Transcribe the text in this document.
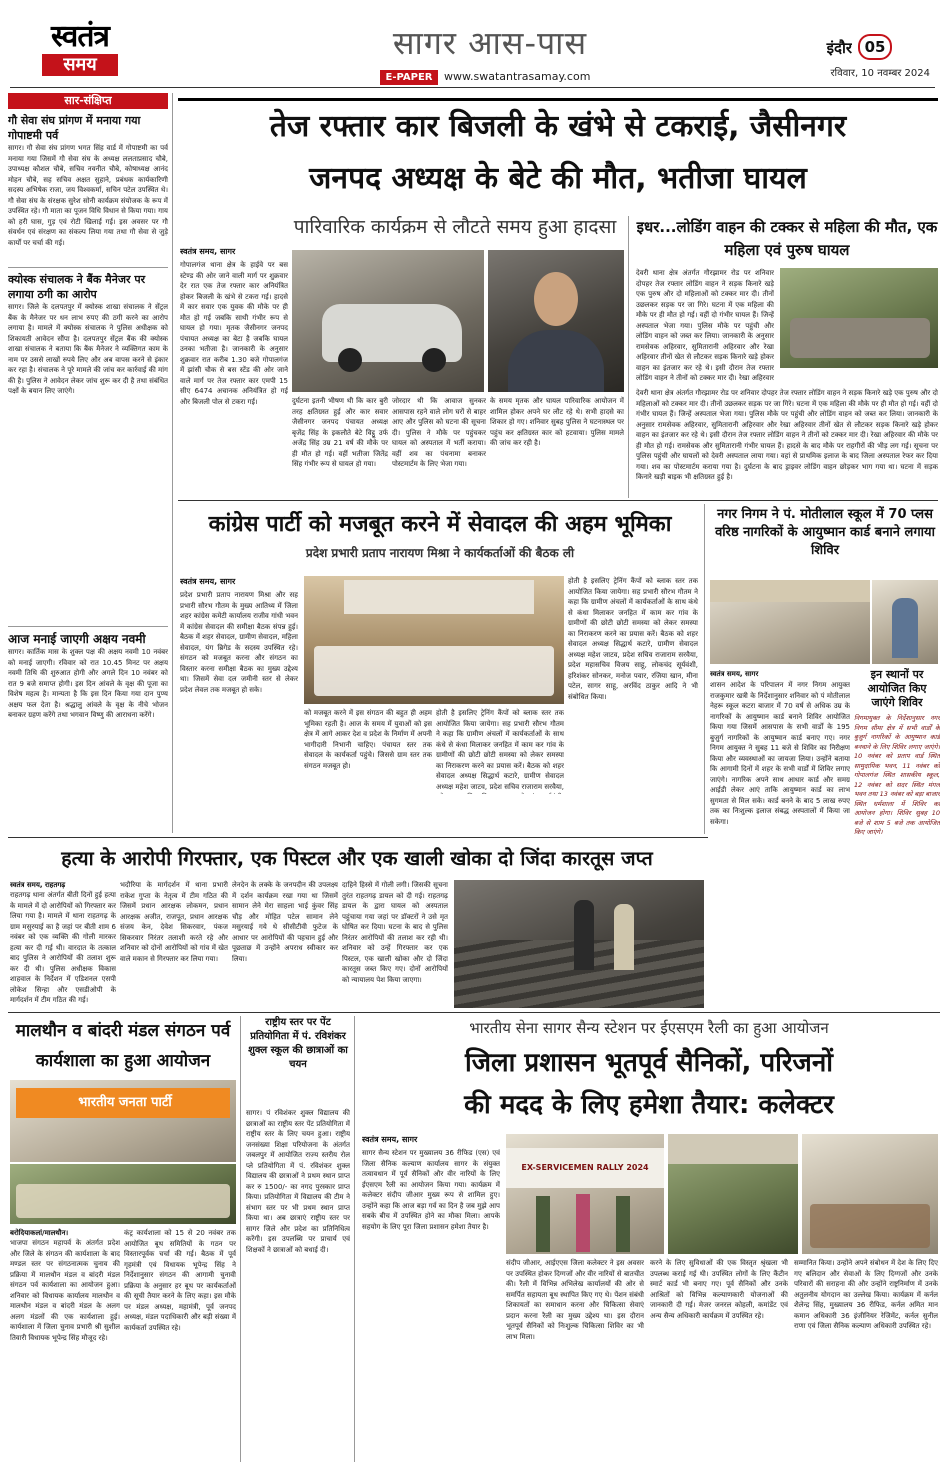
स्वतंत्र
समय
सागर आस-पास
E-PAPER	www.swatantrasamay.com
इंदौर 05
रविवार, 10 नवम्बर 2024
सार-संक्षिप्त
गौ सेवा संघ प्रांगण में मनाया गया गोपाष्टमी पर्व
सागर। गौ सेवा संघ प्रांगण भगत सिंह वार्ड में गोपाष्टमी का पर्व मनाया गया जिसमें गौ सेवा संघ के अध्यक्ष ललताप्रसाद चौबे, उपाध्यक्ष कौशल चौबे, सचिव नवनीत चौबे, कोषाध्यक्ष आनंद मोहन चौबे, सह सचिव अक्षत सुहाने, प्रबंधक कार्यकारिणी सदस्य अभिषेक राजा, जय विश्वकर्मा, सचिन पटेल उपस्थित थे। गौ सेवा संघ के संरक्षक सुरेश सोनी कार्यक्रम संयोजक के रूप में उपस्थित रहे। गौ माता का पूजन विधि विधान से किया गया। गाय को हरी घास, गुड़ एवं रोटी खिलाई गई। इस अवसर पर गौ संवर्धन एवं संरक्षण का संकल्प लिया गया तथा गौ सेवा से जुड़े कार्यों पर चर्चा की गई।
क्योस्क संचालक ने बैंक मैनेजर पर लगाया ठगी का आरोप
सागर। जिले के दलपतपुर में क्योस्क शाखा संचालक ने सेंट्रल बैंक के मैनेजर पर धन लाभ रुपए की ठगी करने का आरोप लगाया है। मामले में क्योस्क संचालक ने पुलिस अधीक्षक को शिकायती आवेदन सौंपा है। दलपतपुर सेंट्रल बैंक की क्योस्क शाखा संचालक ने बताया कि बैंक मैनेजर ने व्यक्तिगत काम के नाम पर उससे लाखों रुपये लिए और अब वापस करने से इंकार कर रहा है। संचालक ने पूरे मामले की जांच कर कार्रवाई की मांग की है। पुलिस ने आवेदन लेकर जांच शुरू कर दी है तथा संबंधित पक्षों के बयान लिए जाएंगे।
आज मनाई जाएगी अक्षय नवमी
सागर। कार्तिक मास के शुक्ल पक्ष की अक्षय नवमी 10 नवंबर को मनाई जाएगी। रविवार को रात 10.45 मिनट पर अक्षय नवमी तिथि की शुरुआत होगी और अगले दिन 10 नवंबर को रात 9 बजे समाप्त होगी। इस दिन आंवले के वृक्ष की पूजा का विशेष महत्व है। मान्यता है कि इस दिन किया गया दान पुण्य अक्षय फल देता है। श्रद्धालु आंवले के वृक्ष के नीचे भोजन बनाकर ग्रहण करेंगे तथा भगवान विष्णु की आराधना करेंगे।
तेज रफ्तार कार बिजली के खंभे से टकराई, जैसीनगर
जनपद अध्यक्ष के बेटे की मौत, भतीजा घायल
पारिवारिक कार्यक्रम से लौटते समय हुआ हादसा
स्वतंत्र समय, सागर
गोपालगंज थाना क्षेत्र के हाईवे पर बस स्टेण्ड की ओर जाने वाली मार्ग पर शुक्रवार देर रात एक तेज रफ्तार कार अनियंत्रित होकर बिजली के खंभे से टकरा गई। हादसे में कार सवार एक युवक की मौके पर ही मौत हो गई जबकि साथी गंभीर रूप से घायल हो गया। मृतक जैसीनगर जनपद पंचायत अध्यक्ष का बेटा है जबकि घायल उनका भतीजा है। जानकारी के अनुसार शुक्रवार रात करीब 1.30 बजे गोपालगंज में झांसी चौक से बस स्टेंड की ओर जाने वाले मार्ग पर तेज रफ्तार कार एमपी 15 सीए 6474 अचानक अनियंत्रित हो गई और बिजली पोल से टकरा गई।	दुर्घटना इतनी भीषण थी कि कार बुरी तरह क्षतिग्रस्त हुई और कार सवार जैसीनगर जनपद पंचायत अध्यक्ष बृजेंद्र सिंह के इकलौते बेटे विट्ठू उर्फ अजेंद्र सिंह उम्र 21 वर्ष की मौके पर ही मौत हो गई। वहीं भतीजा जितेंद्र सिंह गंभीर रूप से घायल हो गया।
जोरदार थी कि आवाज सुनकर आसपास रहने वाले लोग घरों से बाहर आए और पुलिस को घटना की सूचना दी। पुलिस ने मौके पर पहुंचकर घायल को अस्पताल में भर्ती कराया। वहीं शव का पंचनामा बनाकर पोस्टमार्टम के लिए भेजा गया।
के समय मृतक और घायल पारिवारिक आयोजन में शामिल होकर अपने घर लौट रहे थे। सभी हादसे का शिकार हो गए। शनिवार सुबह पुलिस ने घटनास्थल पर पहुंच कर क्षतिग्रस्त कार को हटवाया। पुलिस मामले की जांच कर रही है।
इधर...लोडिंग वाहन की टक्कर से महिला की मौत, एक महिला एवं पुरुष घायल
देवरी थाना क्षेत्र अंतर्गत गौरझामर रोड पर शनिवार दोपहर तेज रफ्तार लोडिंग वाहन ने सड़क किनारे खड़े एक पुरुष और दो महिलाओं को टक्कर मार दी। तीनों उछलकर सड़क पर जा गिरे। घटना में एक महिला की मौके पर ही मौत हो गई। वहीं दो गंभीर घायल हैं। जिन्हें अस्पताल भेजा गया। पुलिस मौके पर पहुंची और लोडिंग वाहन को जब्त कर लिया। जानकारी के अनुसार रामसेवक अहिरवार, सुमितारानी अहिरवार और रेखा अहिरवार तीनों खेत से लौटकर सड़क किनारे खड़े होकर वाहन का इंतजार कर रहे थे। इसी दौरान तेज रफ्तार लोडिंग वाहन ने तीनों को टक्कर मार दी। रेखा अहिरवार
देवरी थाना क्षेत्र अंतर्गत गौरझामर रोड पर शनिवार दोपहर तेज रफ्तार लोडिंग वाहन ने सड़क किनारे खड़े एक पुरुष और दो महिलाओं को टक्कर मार दी। तीनों उछलकर सड़क पर जा गिरे। घटना में एक महिला की मौके पर ही मौत हो गई। वहीं दो गंभीर घायल हैं। जिन्हें अस्पताल भेजा गया। पुलिस मौके पर पहुंची और लोडिंग वाहन को जब्त कर लिया। जानकारी के अनुसार रामसेवक अहिरवार, सुमितारानी अहिरवार और रेखा अहिरवार तीनों खेत से लौटकर सड़क किनारे खड़े होकर वाहन का इंतजार कर रहे थे। इसी दौरान तेज रफ्तार लोडिंग वाहन ने तीनों को टक्कर मार दी। रेखा अहिरवार की मौके पर ही मौत हो गई। रामसेवक और सुमितारानी गंभीर घायल हैं। हादसे के बाद मौके पर राहगीरों की भीड़ लग गई। सूचना पर पुलिस पहुंची और घायलों को देवरी अस्पताल लाया गया। वहां से प्राथमिक इलाज के बाद जिला अस्पताल रेफर कर दिया गया। शव का पोस्टमार्टम कराया गया है। दुर्घटना के बाद ड्राइवर लोडिंग वाहन छोड़कर भाग गया था। घटना में सड़क किनारे खड़ी बाइक भी क्षतिग्रस्त हुई है।
कांग्रेस पार्टी को मजबूत करने में सेवादल की अहम भूमिका
प्रदेश प्रभारी प्रताप नारायण मिश्रा ने कार्यकर्ताओं की बैठक ली
स्वतंत्र समय, सागर
प्रदेश प्रभारी प्रताप नारायण मिश्रा और सह प्रभारी सौरभ गौतम के मुख्य आतिथ्य में जिला शहर कांग्रेस कमेटी कार्यालय राजीव गांधी भवन में कांग्रेस सेवादल की समीक्षा बैठक संपन्न हुई। बैठक में शहर सेवादल, ग्रामीण सेवादल, महिला सेवादल, यंग ब्रिगेड के सदस्य उपस्थित रहे। संगठन को मजबूत करना और संगठन का विस्तार करना समीक्षा बैठक का मुख्य उद्देश्य था। जिसमें सेवा दल जमीनी स्तर से लेकर प्रदेश लेवल तक मजबूत हो सके।
को मजबूत करने में इस संगठन की बहुत ही अहम भूमिका रहती है। आज के समय में युवाओं को इस क्षेत्र में आगे आकर देश व प्रदेश के निर्माण में अपनी भागीदारी निभानी चाहिए। पंचायत स्तर तक सेवादल के कार्यकर्ता पहुंचे। जिससे ग्राम स्तर तक संगठन मजबूत हो।
होती है इसलिए ट्रेनिंग कैंपों को ब्लाक स्तर तक आयोजित किया जायेगा। सह प्रभारी सौरभ गौतम ने कहा कि ग्रामीण अंचलों में कार्यकर्ताओं के साथ कंधे से कंधा मिलाकर जनहित में काम कर गांव के ग्रामीणों की छोटी छोटी समस्या को लेकर समस्या का निराकरण करने का प्रयास करें। बैठक को शहर सेवादल अध्यक्ष सिद्धार्थ कटारे, ग्रामीण सेवादल अध्यक्ष महेश जाटव, प्रदेश सचिव राजाराम सरवैया,
होती है इसलिए ट्रेनिंग कैंपों को ब्लाक स्तर तक आयोजित किया जायेगा। सह प्रभारी सौरभ गौतम ने कहा कि ग्रामीण अंचलों में कार्यकर्ताओं के साथ कंधे से कंधा मिलाकर जनहित में काम कर गांव के ग्रामीणों की छोटी छोटी समस्या को लेकर समस्या का निराकरण करने का प्रयास करें। बैठक को शहर सेवादल अध्यक्ष सिद्धार्थ कटारे, ग्रामीण सेवादल अध्यक्ष महेश जाटव, प्रदेश सचिव राजाराम सरवैया, प्रदेश महासचिव विजय साहू, लोकचंद सूर्यवंशी, हरिशंकर सोनकर, मनोज पवार, रजिया खान, मीना पटेल, सागर साहू, अरविंद ठाकुर आदि ने भी संबोधित किया।
नगर निगम ने पं. मोतीलाल स्कूल में 70 प्लस वरिष्ठ नागरिकों के आयुष्मान कार्ड बनाने लगाया शिविर
स्वतंत्र समय, सागर
शासन आदेश के परिपालन में नगर निगम आयुक्त राजकुमार खत्री के निर्देशानुसार शनिवार को पं मोतीलाल नेहरू स्कूल कटरा बाजार में 70 वर्ष से अधिक उम्र के नागरिकों के आयुष्मान कार्ड बनाने शिविर आयोजित किया गया जिसमें आसपास के सभी वार्डों के 195 बुजुर्ग नागरिकों के आयुष्मान कार्ड बनाए गए। नगर निगम आयुक्त ने सुबह 11 बजे से शिविर का निरीक्षण किया और व्यवस्थाओं का जायजा लिया। उन्होंने बताया कि आगामी दिनों में शहर के सभी वार्डों में शिविर लगाए जाएंगे। नागरिक अपने साथ आधार कार्ड और समग्र आईडी लेकर आएं ताकि आयुष्मान कार्ड का लाभ सुगमता से मिल सके। कार्ड बनने के बाद 5 लाख रुपए तक का निःशुल्क इलाज संबद्ध अस्पतालों में किया जा सकेगा।
इन स्थानों पर आयोजित किए जाएंगे शिविर
निगमायुक्त के निर्देशानुसार नगर निगम सीमा क्षेत्र में सभी वार्डों के बुजुर्ग नागरिकों के आयुष्मान कार्ड बनवाने के लिए शिविर लगाए जाएंगे। 10 नवंबर को प्रताप वार्ड स्थित सामुदायिक भवन, 11 नवंबर को गोपालगंज स्थित शासकीय स्कूल, 12 नवंबर को सदर स्थित मंगल भवन तथा 13 नवंबर को बड़ा बाजार स्थित धर्मशाला में शिविर का आयोजन होगा। शिविर सुबह 10 बजे से शाम 5 बजे तक आयोजित किए जाएंगे।
हत्या के आरोपी गिरफ्तार, एक पिस्टल और एक खाली खोका दो जिंदा कारतूस जप्त
स्वतंत्र समय, राहतगढ़
राहतगढ़ थाना अंतर्गत बीती दिनों हुई हत्या के मामले में दो आरोपियों को गिरफ्तार कर लिया गया है। मामले में थाना राहतगढ़ के ग्राम मसुरयाई का है जहां पर बीती शाम 6 नवंबर को एक व्यक्ति की गोली मारकर हत्या कर दी गई थी। वारदात के तत्काल बाद पुलिस ने आरोपियों की तलाश शुरू कर दी थी। पुलिस अधीक्षक विकास शाहवाल के निर्देशन में एडिशनल एसपी लोकेश सिन्हा और एसडीओपी के मार्गदर्शन में टीम गठित की गई।
भदौरिया के मार्गदर्शन में थाना प्रभारी राकेश गुप्ता के नेतृत्व में टीम गठित की जिसमें प्रधान आरक्षक लोकमन, प्रधान आरक्षक अजीत, राजपूत, प्रधान आरक्षक संजय केन, देवेश सिकरवार, पंकज सिकरवार निरंतर तलाशी करते रहे और शनिवार को दोनों आरोपियों को गांव में खेत वाले मकान से गिरफ्तार कर लिया गया।
लेनदेन के लक्के के जनपदीन की उपलक्ष्य में दर्शन कार्यक्रम रखा गया था जिसमें सामान लेने मेरा साहला भाई कुंवर सिंह चौड़ और मोहित पटेल सामान लेने मसुरयाई गये थे सीसीटीवी फुटेज के आधार पर आरोपियों की पहचान हुई और पूछताछ में उन्होंने अपराध स्वीकार कर लिया।
दाहिने हिस्से में गोली लगी। जिसकी सूचना तुरंत राहतगढ़ डायल को दी गई। राहतगढ़ डायल के द्वारा घायल को अस्पताल पहुंचाया गया जहां पर डॉक्टरों ने उसे मृत घोषित कर दिया। घटना के बाद से पुलिस निरंतर आरोपियों की तलाश कर रही थी। शनिवार को उन्हें गिरफ्तार कर एक पिस्टल, एक खाली खोका और दो जिंदा कारतूस जब्त किए गए। दोनों आरोपियों को न्यायालय पेश किया जाएगा।
मालथौन व बांदरी मंडल संगठन पर्व कार्यशाला का हुआ आयोजन
भारतीय जनता पार्टी
बरोदियाकलां/मालथौन।
भाजपा संगठन महापर्व के अंतर्गत प्रदेश और जिले के संगठन की कार्यशाला के बाद मण्डल स्तर पर संगठनात्मक चुनाव की प्रक्रिया में मालथौन मंडल व बांदरी मंडल संगठन पर्व कार्यशाला का आयोजन हुआ। शनिवार को विधायक कार्यालय मालथौन व मालथौन मंडल व बांदरी मंडल के अलग अलग मंडलों की एक कार्यशाला हुई। कार्यशाला में जिला चुनाव प्रभारी श्री सुशील तिवारी विधायक भूपेन्द्र सिंह मौजूद रहे।
कंट्र कार्यशाला को 15 से 20 नवंबर तक आयोजित बूथ समितियों के गठन पर विस्तारपूर्वक चर्चा की गई। बैठक में पूर्व गृहमंत्री एवं विधायक भूपेन्द्र सिंह ने निर्देशानुसार संगठन की आगामी चुनावी प्रक्रिया के अनुसार हर बूथ पर कार्यकर्ताओं की सूची तैयार करने के लिए कहा। इस मौके पर मंडल अध्यक्ष, महामंत्री, पूर्व जनपद अध्यक्ष, मंडल पदाधिकारी और बड़ी संख्या में कार्यकर्ता उपस्थित रहे।
राष्ट्रीय स्तर पर पेंट प्रतियोगिता में पं. रविशंकर शुक्ल स्कूल की छात्राओं का चयन
सागर। पं रविशंकर शुक्ल विद्यालय की छात्राओं का राष्ट्रीय स्तर पेंट प्रतियोगिता में राष्ट्रीय स्तर के लिए चयन हुआ। राष्ट्रीय जनसंख्या शिक्षा परियोजना के अंतर्गत जबलपुर में आयोजित राज्य स्तरीय रोल प्ले प्रतियोगिता में पं. रविशंकर शुक्ल विद्यालय की छात्राओं ने प्रथम स्थान प्राप्त कर रु 1500/- का नगद पुरस्कार प्राप्त किया। प्रतियोगिता में विद्यालय की टीम ने संभाग स्तर पर भी प्रथम स्थान प्राप्त किया था। अब छात्राएं राष्ट्रीय स्तर पर सागर जिले और प्रदेश का प्रतिनिधित्व करेंगी। इस उपलब्धि पर प्राचार्य एवं शिक्षकों ने छात्राओं को बधाई दी।
भारतीय सेना सागर सैन्य स्टेशन पर ईएसएम रैली का हुआ आयोजन
जिला प्रशासन भूतपूर्व सैनिकों, परिजनों
की मदद के लिए हमेशा तैयार: कलेक्टर
स्वतंत्र समय, सागर
सागर सैन्य स्टेशन पर मुख्यालय 36 रीफिड (एस) एवं जिला सैनिक कल्याण कार्यालय सागर के संयुक्त तत्वावधान में पूर्व सैनिकों और वीर नारियों के लिए ईएसएम रैली का आयोजन किया गया। कार्यक्रम में कलेक्टर संदीप जीआर मुख्य रूप से शामिल हुए। उन्होंने कहा कि आज बड़ा गर्व का दिन है जब मुझे आप सबके बीच में उपस्थित होने का मौका मिला। आपके सहयोग के लिए पूरा जिला प्रशासन हमेशा तैयार है।
EX-SERVICEMEN RALLY 2024
संदीप जीआर, आईएएस जिला कलेक्टर ने इस अवसर पर उपस्थित होकर दिग्गजों और वीर नारियों से बातचीत की। रैली में विभिन्न अभिलेख कार्यालयों की ओर से समर्पित सहायता बूथ स्थापित किए गए थे। पेंशन संबंधी शिकायतों का समाधान करना और चिकित्सा सेवाएं प्रदान करना रैली का मुख्य उद्देश्य था। इस दौरान भूतपूर्व सैनिकों को निःशुल्क चिकित्सा शिविर का भी लाभ मिला।
करने के लिए सुविधाओं की एक विस्तृत श्रृंखला भी उपलब्ध कराई गई थी। उपस्थित लोगों के लिए कैंटीन स्मार्ट कार्ड भी बनाए गए। पूर्व सैनिकों और उनके आश्रितों को विभिन्न कल्याणकारी योजनाओं की जानकारी दी गई। मेजर जनरल कोहली, कमांडेंट एवं अन्य सैन्य अधिकारी कार्यक्रम में उपस्थित रहे।
सम्मानित किया। उन्होंने अपने संबोधन में देश के लिए दिए गए बलिदान और सेवाओं के लिए दिग्गजों और उनके परिवारों की सराहना की और उन्होंने राष्ट्रनिर्माण में उनके अतुलनीय योगदान का उल्लेख किया। कार्यक्रम में कर्नल शैलेन्द्र सिंह, मुख्यालय 36 रीफिड, कर्नल अमित मान कमान अधिकारी 36 इंजीनियर रेजिमेंट, कर्नल सुनील राणा एवं जिला सैनिक कल्याण अधिकारी उपस्थित रहे।
